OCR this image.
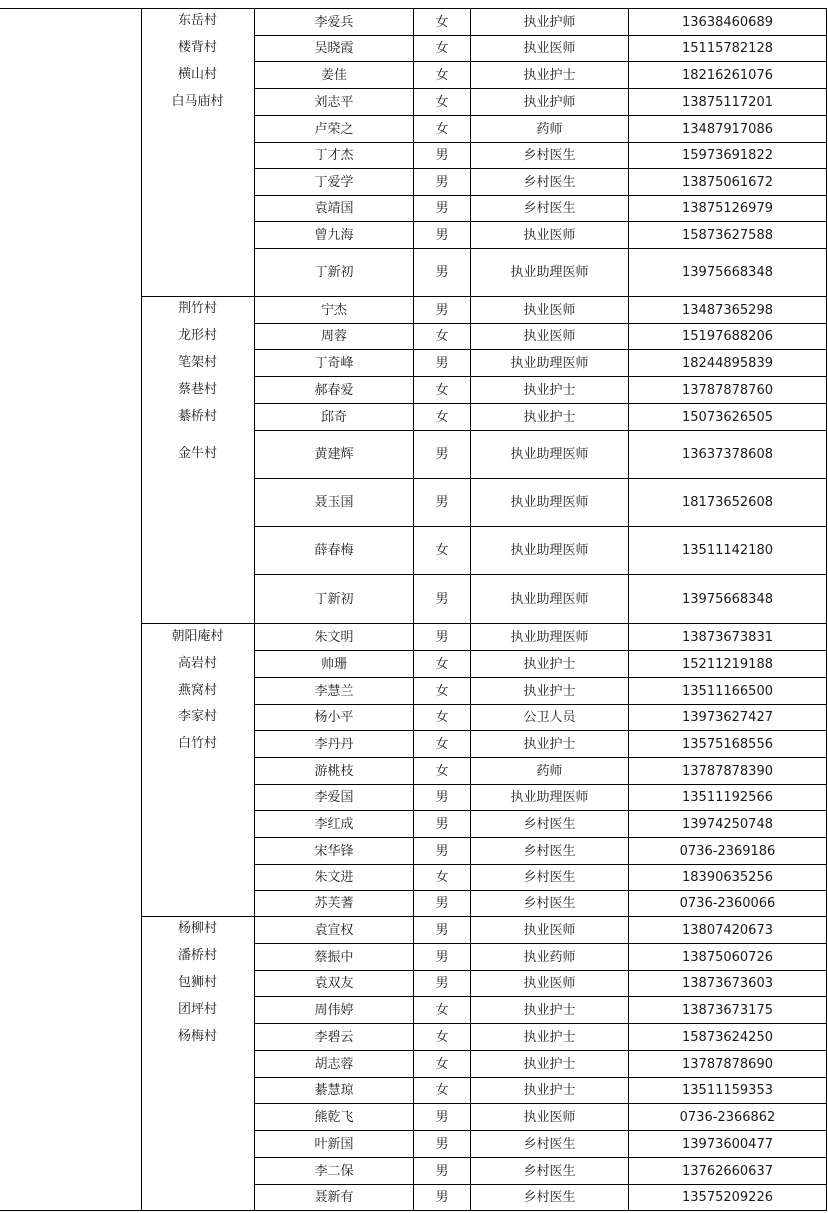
东岳村
楼背村
横山村
白马庙村
李爱兵	女	执业护师	13638460689
吴晓霞	女	执业医师	15115782128
姜佳	女	执业护士	18216261076
刘志平	女	执业护师	13875117201
卢荣之	女	药师	13487917086
丁才杰	男	乡村医生	15973691822
丁爱学	男	乡村医生	13875061672
袁靖国	男	乡村医生	13875126979
曾九海	男	执业医师	15873627588
丁新初	男	执业助理医师	13975668348
荆竹村
龙形村
笔架村
蔡巷村
綦桥村
金牛村
宁杰	男	执业医师	13487365298
周蓉	女	执业医师	15197688206
丁奇峰	男	执业助理医师	18244895839
郝春爱	女	执业护士	13787878760
邱奇	女	执业护士	15073626505
黄建辉	男	执业助理医师	13637378608
聂玉国	男	执业助理医师	18173652608
薛春梅	女	执业助理医师	13511142180
丁新初	男	执业助理医师	13975668348
朝阳庵村
高岩村
燕窝村
李家村
白竹村
朱文明	男	执业助理医师	13873673831
帅珊	女	执业护士	15211219188
李慧兰	女	执业护士	13511166500
杨小平	女	公卫人员	13973627427
李丹丹	女	执业护士	13575168556
游桃枝	女	药师	13787878390
李爱国	男	执业助理医师	13511192566
李红成	男	乡村医生	13974250748
宋华锋	男	乡村医生	0736-2369186
朱文进	女	乡村医生	18390635256
苏芙蓍	男	乡村医生	0736-2360066
杨柳村
潘桥村
包狮村
团坪村
杨梅村
袁宣权	男	执业医师	13807420673
蔡振中	男	执业药师	13875060726
袁双友	男	执业医师	13873673603
周伟婷	女	执业护士	13873673175
李碧云	女	执业护士	15873624250
胡志蓉	女	执业护士	13787878690
綦慧琼	女	执业护士	13511159353
熊乾飞	男	执业医师	0736-2366862
叶新国	男	乡村医生	13973600477
李二保	男	乡村医生	13762660637
聂新有	男	乡村医生	13575209226
